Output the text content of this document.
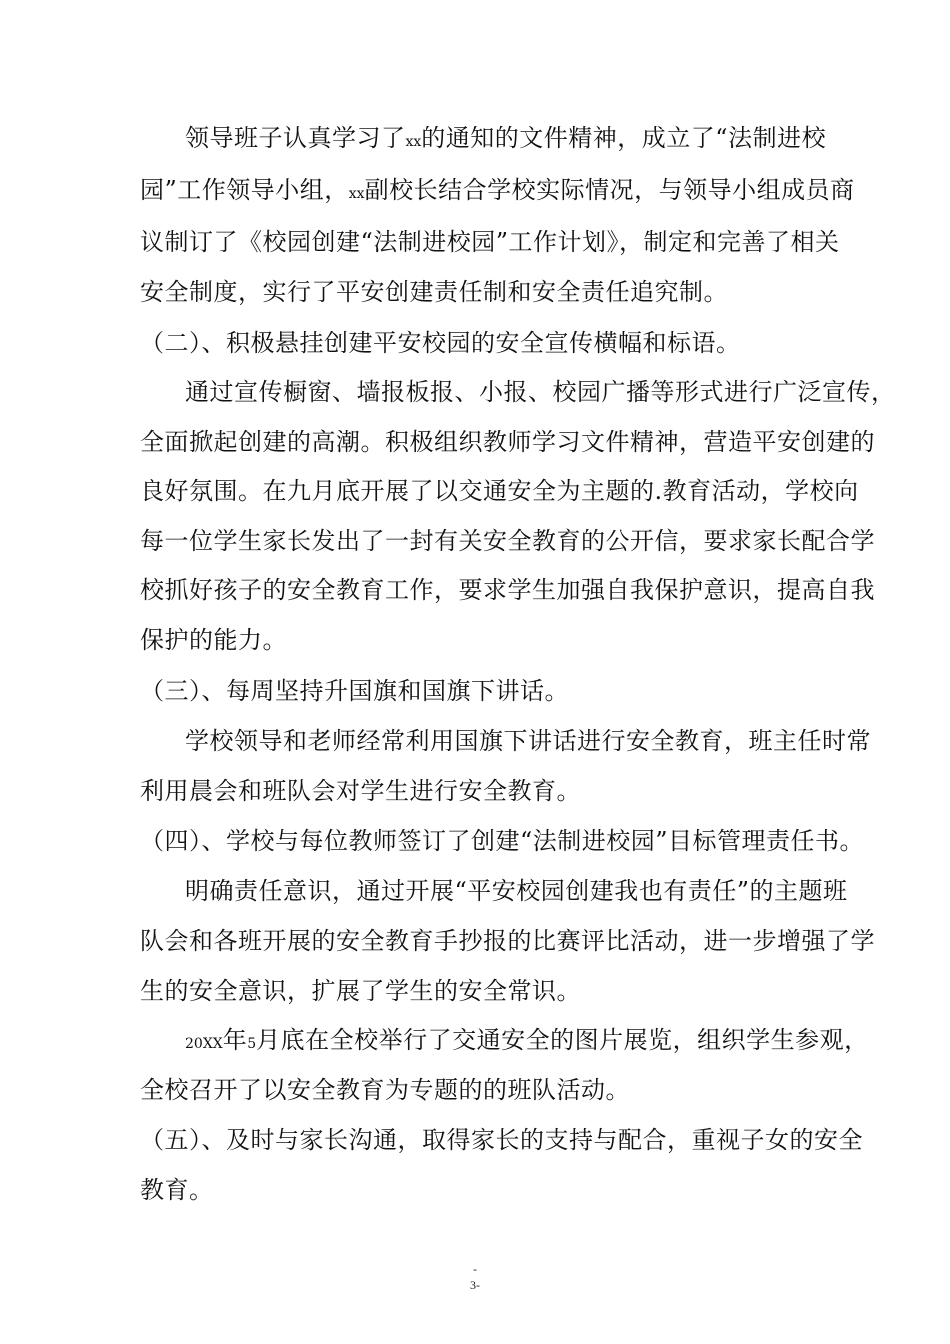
领导班子认真学习了xx的通知的文件精神，成立了“法制进校
园”工作领导小组，xx副校长结合学校实际情况，与领导小组成员商
议制订了《校园创建“法制进校园”工作计划》，制定和完善了相关
安全制度，实行了平安创建责任制和安全责任追究制。
（二）、积极悬挂创建平安校园的安全宣传横幅和标语。
通过宣传橱窗、墙报板报、小报、校园广播等形式进行广泛宣传，
全面掀起创建的高潮。积极组织教师学习文件精神，营造平安创建的
良好氛围。在九月底开展了以交通安全为主题的.教育活动，学校向
每一位学生家长发出了一封有关安全教育的公开信，要求家长配合学
校抓好孩子的安全教育工作，要求学生加强自我保护意识，提高自我
保护的能力。
（三）、每周坚持升国旗和国旗下讲话。
学校领导和老师经常利用国旗下讲话进行安全教育，班主任时常
利用晨会和班队会对学生进行安全教育。
（四）、学校与每位教师签订了创建“法制进校园”目标管理责任书。
明确责任意识，通过开展“平安校园创建我也有责任”的主题班
队会和各班开展的安全教育手抄报的比赛评比活动，进一步增强了学
生的安全意识，扩展了学生的安全常识。
20XX年5月底在全校举行了交通安全的图片展览，组织学生参观，
全校召开了以安全教育为专题的的班队活动。
（五）、及时与家长沟通，取得家长的支持与配合，重视子女的安全
教育。
-
3-
